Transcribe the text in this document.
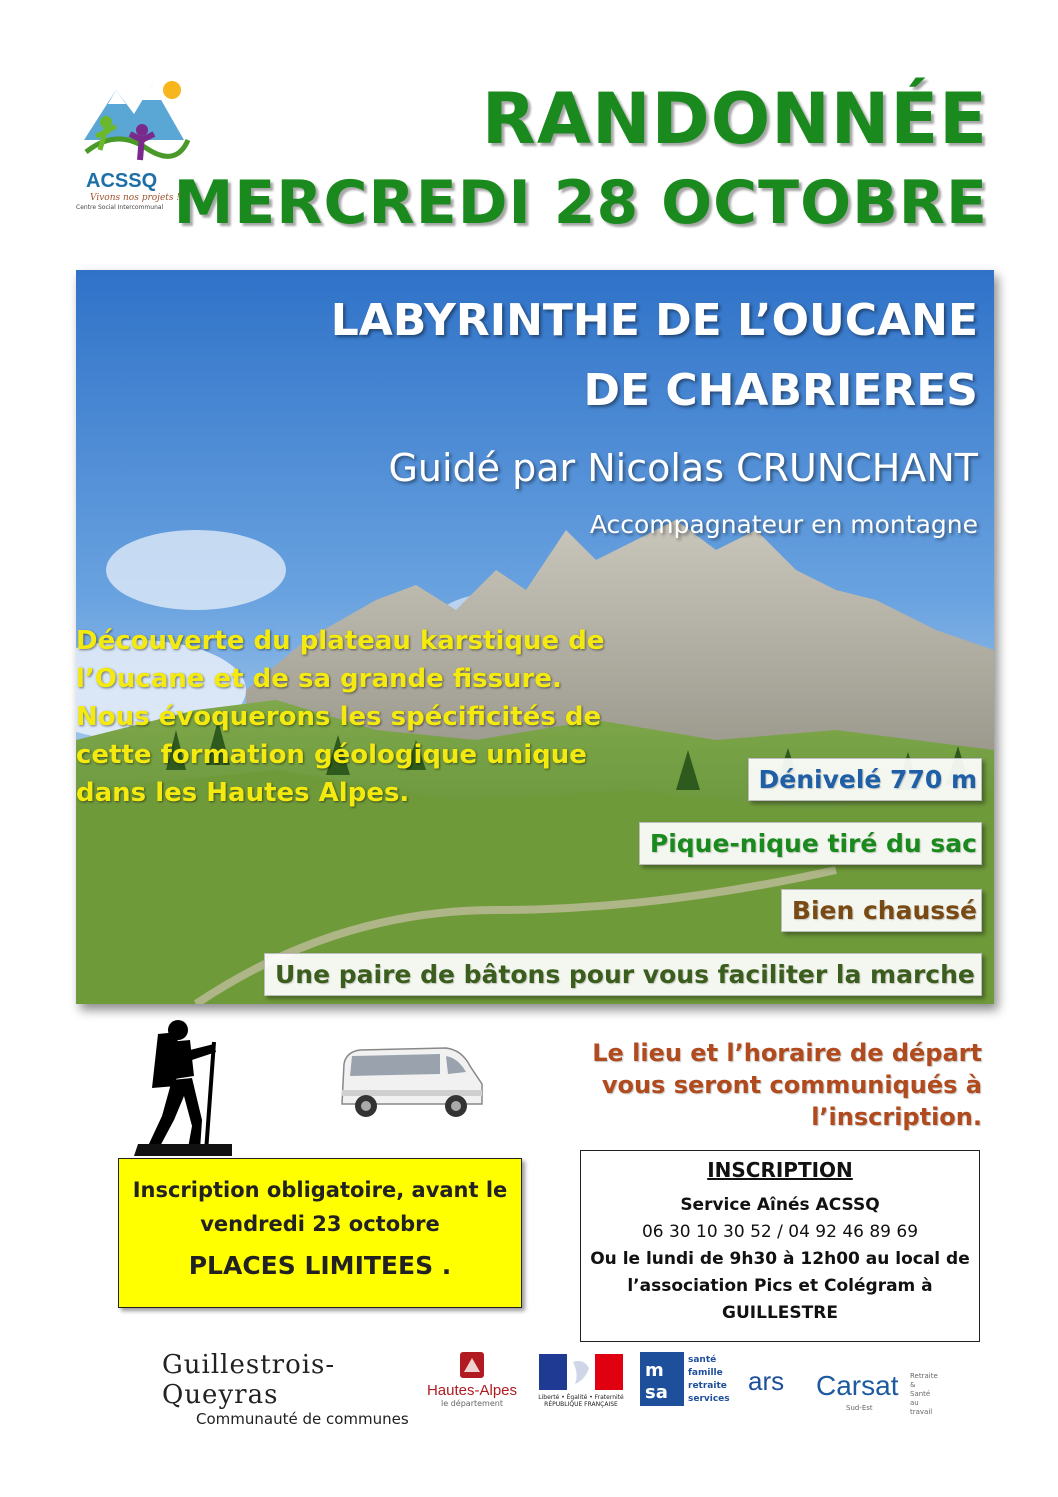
ACSSQ
Vivons nos projets !
Centre Social Intercommunal
RANDONNÉE
MERCREDI 28 OCTOBRE
LABYRINTHE DE L’OUCANE
DE CHABRIERES
Guidé par Nicolas CRUNCHANT
Accompagnateur en montagne
Découverte du plateau karstique de
l’Oucane et de sa grande fissure.
Nous évoquerons les spécificités de
cette formation géologique unique
dans les Hautes Alpes.	Dénivelé 770 m
Pique-nique tiré du sac
Bien chaussé
Une paire de bâtons pour vous faciliter la marche
Le lieu et l’horaire de départ
vous seront communiqués à
l’inscription.
Inscription obligatoire, avant le
vendredi 23 octobre
PLACES LIMITEES .
INSCRIPTION
Service Aînés ACSSQ
06 30 10 30 52 / 04 92 46 89 69
Ou le lundi de 9h30 à 12h00 au local de
l’association Pics et Colégram à
GUILLESTRE
Guillestrois-Queyras
Communauté de communes
Hautes-Alpes
le département
Liberté • Égalité • Fraternité
RÉPUBLIQUE FRANÇAISE
m
sa
santé
famille
retraite
services
ars	Carsat	Retraite & Santé au travail
Sud-Est
